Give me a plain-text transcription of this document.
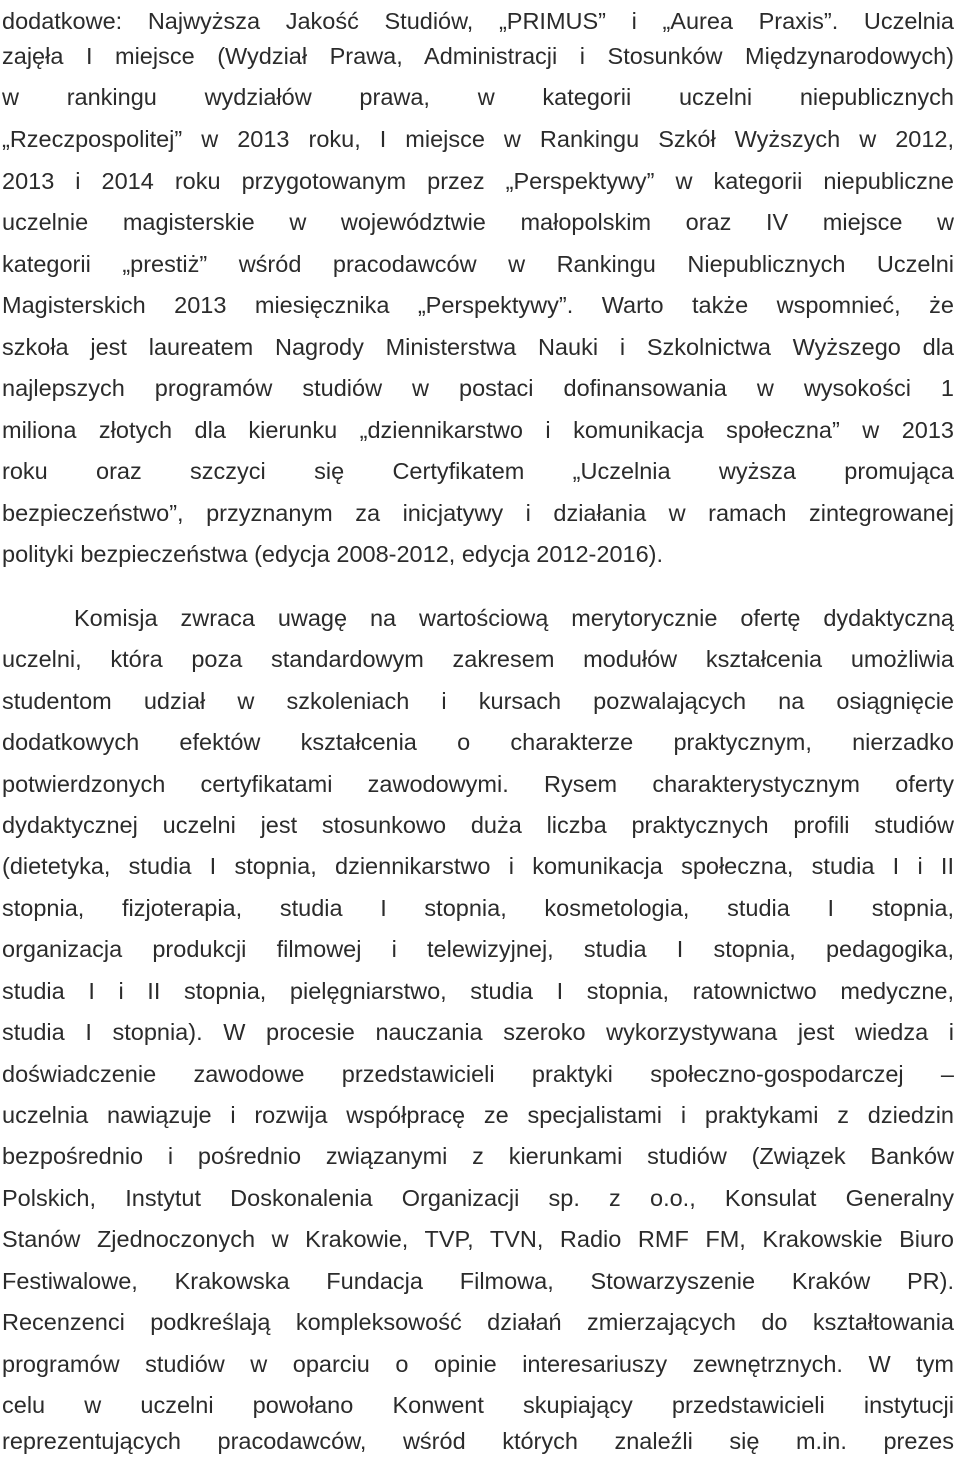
dodatkowe: Najwyższa Jakość Studiów, „PRIMUS” i „Aurea Praxis”. Uczelnia
zajęła I miejsce (Wydział Prawa, Administracji i Stosunków Międzynarodowych)
w rankingu wydziałów prawa, w kategorii uczelni niepublicznych
„Rzeczpospolitej” w 2013 roku, I miejsce w Rankingu Szkół Wyższych w 2012,
2013 i 2014 roku przygotowanym przez „Perspektywy” w kategorii niepubliczne
uczelnie magisterskie w województwie małopolskim oraz IV miejsce w
kategorii „prestiż” wśród pracodawców w Rankingu Niepublicznych Uczelni
Magisterskich 2013 miesięcznika „Perspektywy”. Warto także wspomnieć, że
szkoła jest laureatem Nagrody Ministerstwa Nauki i Szkolnictwa Wyższego dla
najlepszych programów studiów w postaci dofinansowania w wysokości 1
miliona złotych dla kierunku „dziennikarstwo i komunikacja społeczna” w 2013
roku oraz szczyci się Certyfikatem „Uczelnia wyższa promująca
bezpieczeństwo”, przyznanym za inicjatywy i działania w ramach zintegrowanej
polityki bezpieczeństwa (edycja 2008-2012, edycja 2012-2016).
Komisja zwraca uwagę na wartościową merytorycznie ofertę dydaktyczną
uczelni, która poza standardowym zakresem modułów kształcenia umożliwia
studentom udział w szkoleniach i kursach pozwalających na osiągnięcie
dodatkowych efektów kształcenia o charakterze praktycznym, nierzadko
potwierdzonych certyfikatami zawodowymi. Rysem charakterystycznym oferty
dydaktycznej uczelni jest stosunkowo duża liczba praktycznych profili studiów
(dietetyka, studia I stopnia, dziennikarstwo i komunikacja społeczna, studia I i II
stopnia, fizjoterapia, studia I stopnia, kosmetologia, studia I stopnia,
organizacja produkcji filmowej i telewizyjnej, studia I stopnia, pedagogika,
studia I i II stopnia, pielęgniarstwo, studia I stopnia, ratownictwo medyczne,
studia I stopnia). W procesie nauczania szeroko wykorzystywana jest wiedza i
doświadczenie zawodowe przedstawicieli praktyki społeczno-gospodarczej –
uczelnia nawiązuje i rozwija współpracę ze specjalistami i praktykami z dziedzin
bezpośrednio i pośrednio związanymi z kierunkami studiów (Związek Banków
Polskich, Instytut Doskonalenia Organizacji sp. z o.o., Konsulat Generalny
Stanów Zjednoczonych w Krakowie, TVP, TVN, Radio RMF FM, Krakowskie Biuro
Festiwalowe, Krakowska Fundacja Filmowa, Stowarzyszenie Kraków PR).
Recenzenci podkreślają kompleksowość działań zmierzających do kształtowania
programów studiów w oparciu o opinie interesariuszy zewnętrznych. W tym
celu w uczelni powołano Konwent skupiający przedstawicieli instytucji
reprezentujących pracodawców, wśród których znaleźli się m.in. prezes
